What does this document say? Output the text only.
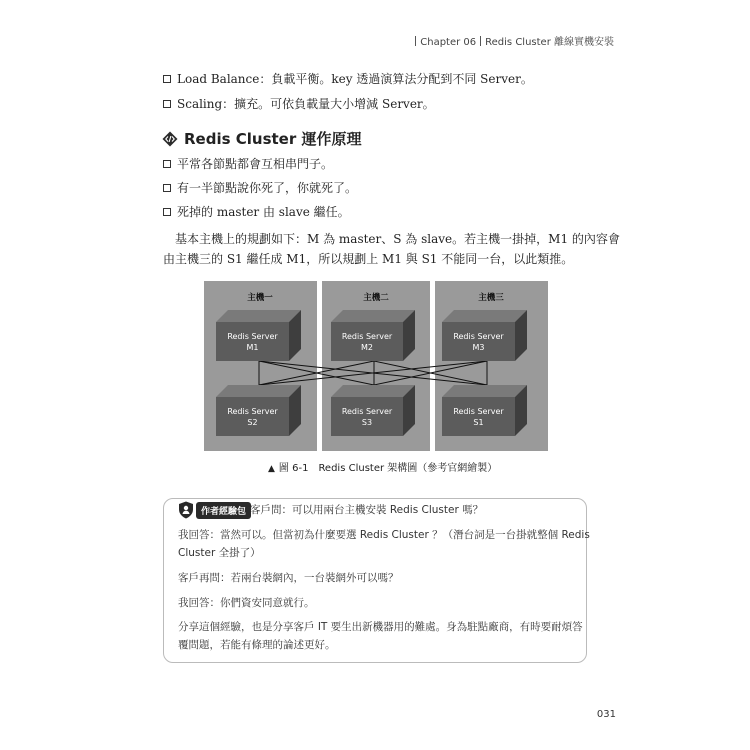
Chapter 06 Redis Cluster 離線實機安裝
Load Balance：負載平衡。key 透過演算法分配到不同 Server。
Scaling：擴充。可依負載量大小增減 Server。
Redis Cluster 運作原理
平常各節點都會互相串門子。
有一半節點說你死了，你就死了。
死掉的 master 由 slave 繼任。
基本主機上的規劃如下：M 為 master、S 為 slave。若主機一掛掉，M1 的內容會
由主機三的 S1 繼任成 M1，所以規劃上 M1 與 S1 不能同一台，以此類推。
主機一	主機二	主機三
Redis Server
M1
Redis Server
M2
Redis Server
M3
Redis Server
S2
Redis Server
S3
Redis Server
S1
▲ 圖 6-1 Redis Cluster 架構圖（參考官網繪製）
作者經驗包 客戶問：可以用兩台主機安裝 Redis Cluster 嗎？
我回答：當然可以。但當初為什麼要選 Redis Cluster ？（潛台詞是一台掛就整個 Redis
Cluster 全掛了）
客戶再問：若兩台裝網內，一台裝網外可以嗎？
我回答：你們資安同意就行。
分享這個經驗，也是分享客戶 IT 要生出新機器用的難處。身為駐點廠商，有時要耐煩答
覆問題，若能有條理的論述更好。
031
